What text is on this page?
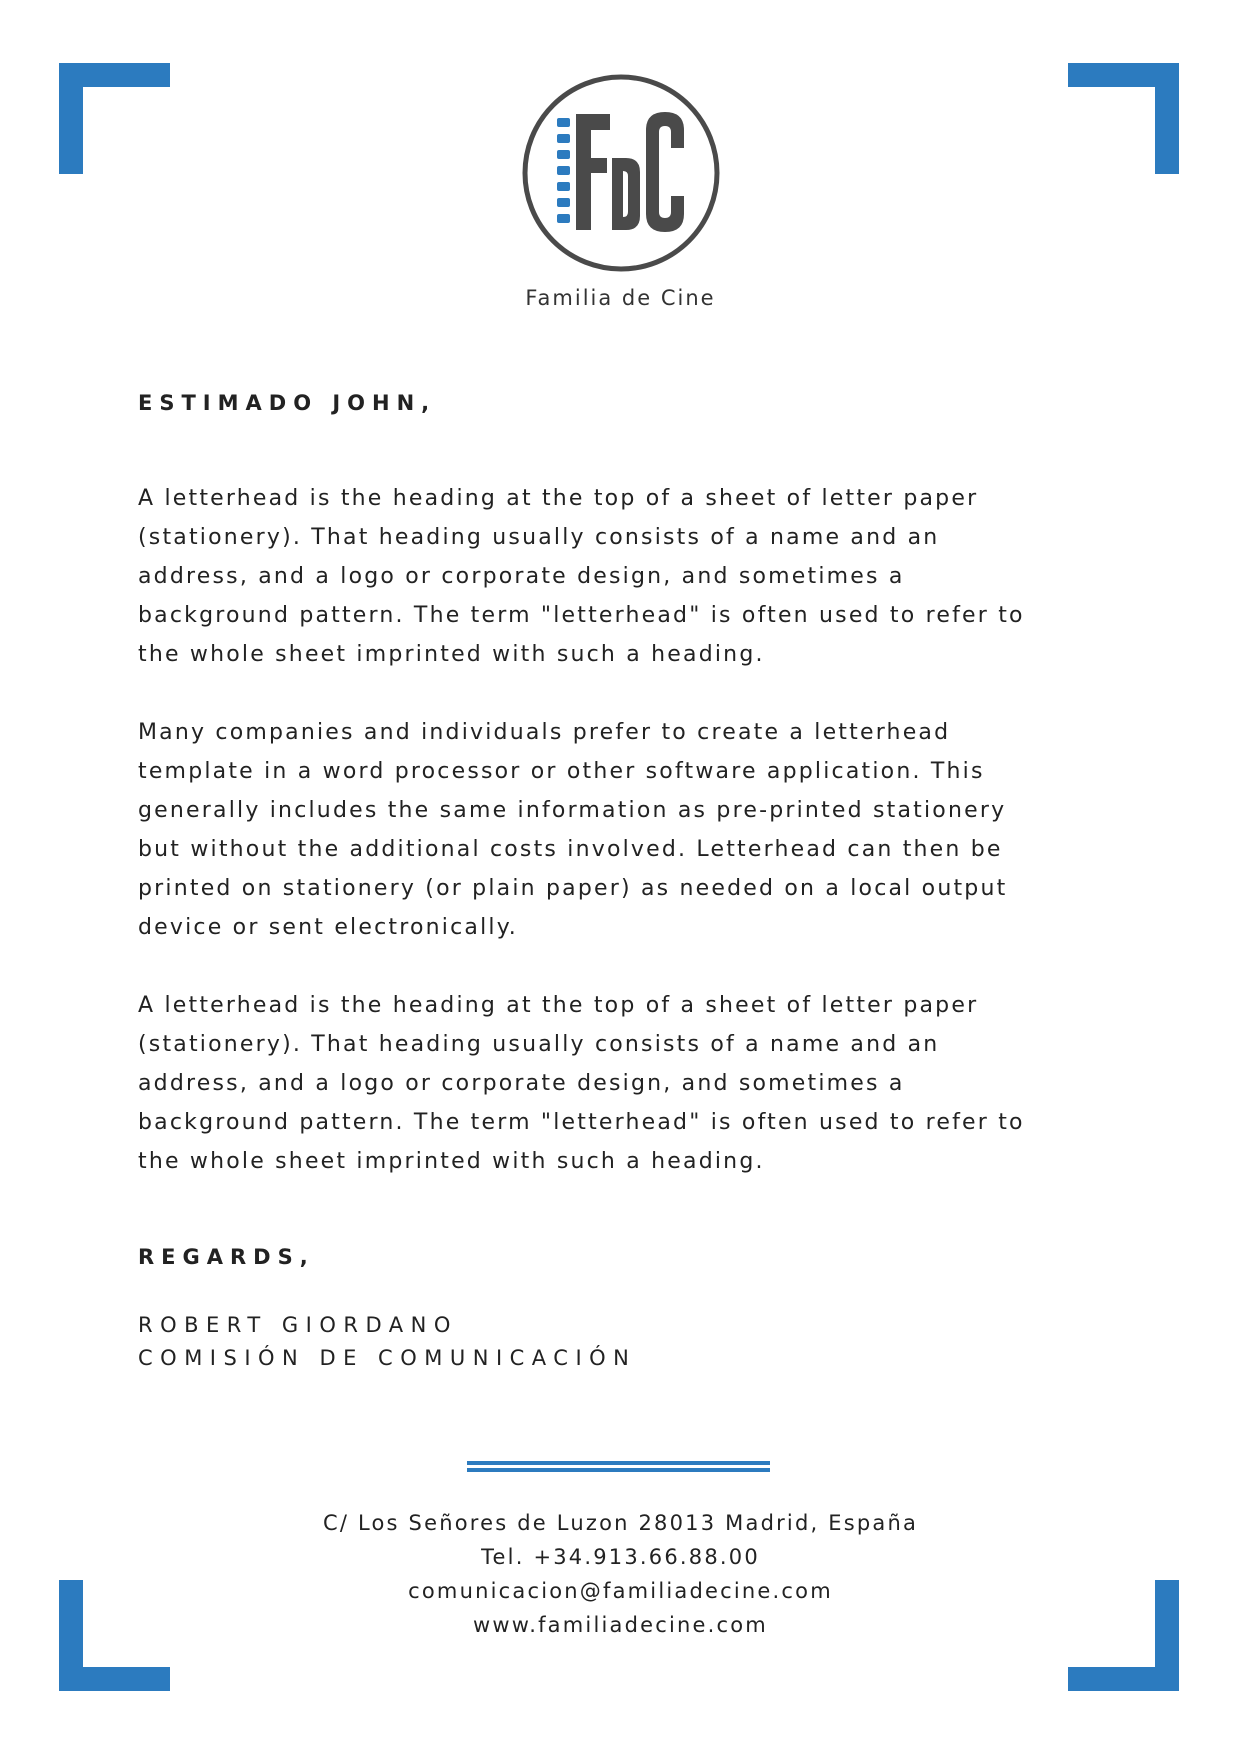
Familia de Cine
ESTIMADO JOHN,

A letterhead is the heading at the top of a sheet of letter paper
(stationery). That heading usually consists of a name and an
address, and a logo or corporate design, and sometimes a
background pattern. The term "letterhead" is often used to refer to
the whole sheet imprinted with such a heading.

Many companies and individuals prefer to create a letterhead
template in a word processor or other software application. This
generally includes the same information as pre-printed stationery
but without the additional costs involved. Letterhead can then be
printed on stationery (or plain paper) as needed on a local output
device or sent electronically.

A letterhead is the heading at the top of a sheet of letter paper
(stationery). That heading usually consists of a name and an
address, and a logo or corporate design, and sometimes a
background pattern. The term "letterhead" is often used to refer to
the whole sheet imprinted with such a heading.

REGARDS,
ROBERT GIORDANO
COMISIÓN DE COMUNICACIÓN
C/ Los Señores de Luzon 28013 Madrid, España
Tel. +34.913.66.88.00
comunicacion@familiadecine.com
www.familiadecine.com
